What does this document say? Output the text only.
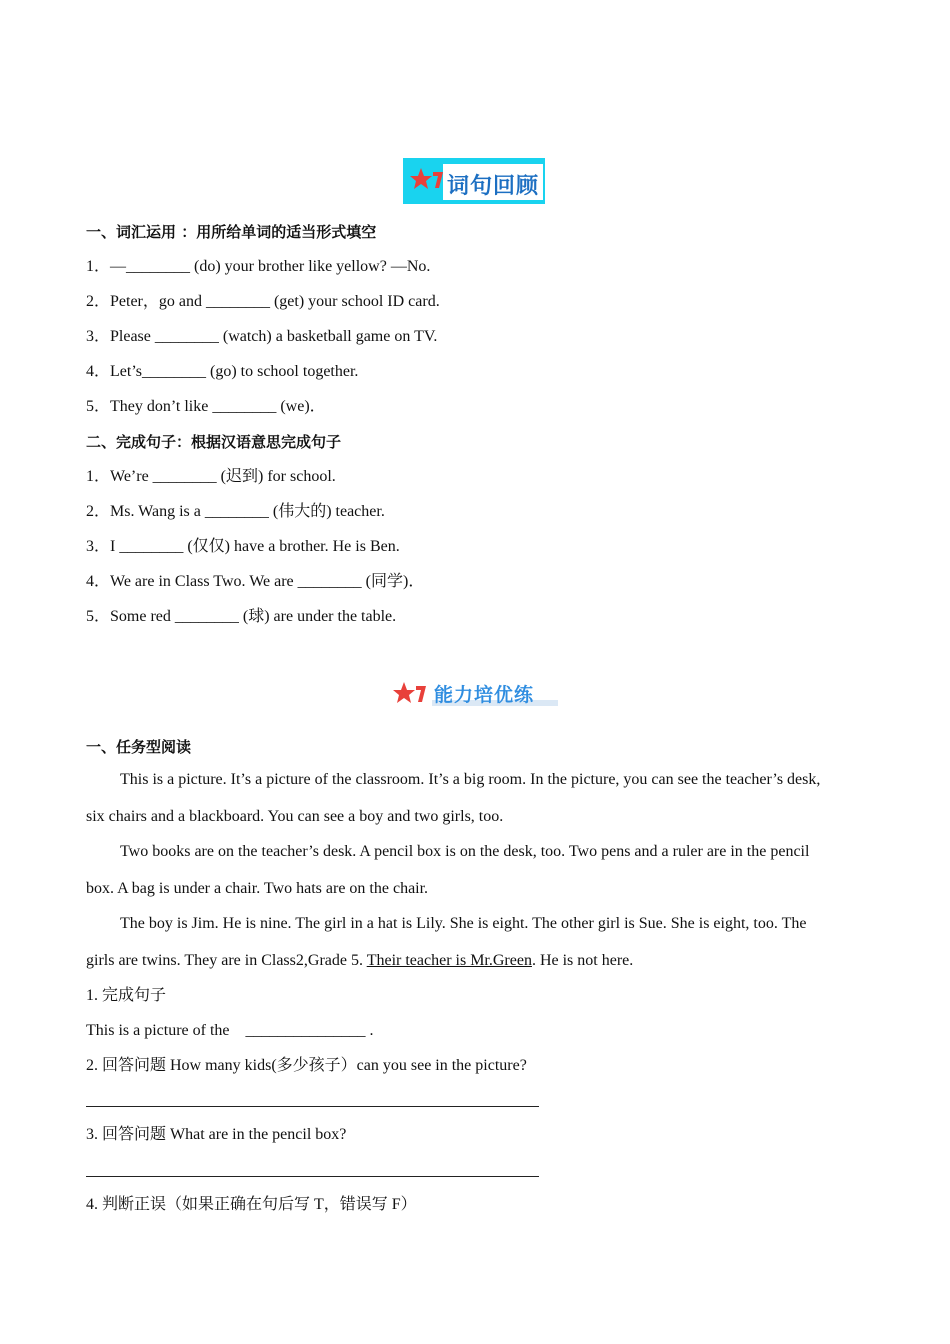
词句回顾
一、词汇运用 ：用所给单词的适当形式填空
1．—________ (do) your brother like yellow? —No.
2．Peter，go and ________ (get) your school ID card.
3．Please ________ (watch) a basketball game on TV.
4．Let’s________ (go) to school together.
5．They don’t like ________ (we)．
二、完成句子：根据汉语意思完成句子
1．We’re ________ (迟到) for school.
2．Ms. Wang is a ________ (伟大的) teacher.
3．I ________ (仅仅) have a brother. He is Ben.
4．We are in Class Two. We are ________ (同学)．
5．Some red ________ (球) are under the table.
能力培优练
一、任务型阅读
This is a picture. It’s a picture of the classroom. It’s a big room. In the picture, you can see the teacher’s desk,
six chairs and a blackboard. You can see a boy and two girls, too.
Two books are on the teacher’s desk. A pencil box is on the desk, too. Two pens and a ruler are in the pencil
box. A bag is under a chair. Two hats are on the chair.
The boy is Jim. He is nine. The girl in a hat is Lily. She is eight. The other girl is Sue. She is eight, too. The
girls are twins. They are in Class2,Grade 5. Their teacher is Mr.Green. He is not here.
1. 完成句子
This is a picture of the    _______________ .
2. 回答问题 How many kids(多少孩子）can you see in the picture?
3. 回答问题 What are in the pencil box?
4. 判断正误（如果正确在句后写 T，错误写 F）
